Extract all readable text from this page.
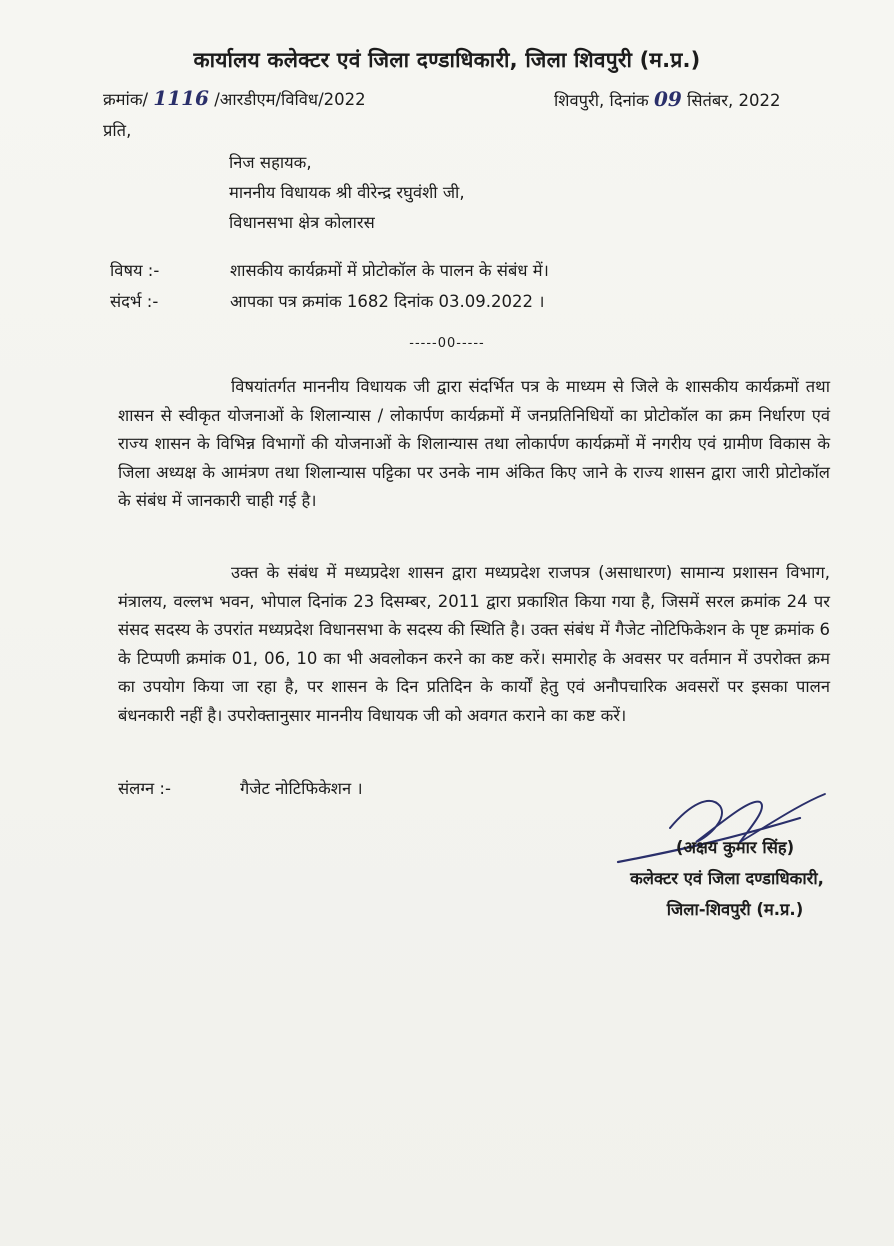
कार्यालय कलेक्टर एवं जिला दण्डाधिकारी, जिला शिवपुरी (म.प्र.)
क्रमांक/ 1116 /आरडीएम/विविध/2022	शिवपुरी, दिनांक 09 सितंबर, 2022
प्रति,
निज सहायक,
माननीय विधायक श्री वीरेन्द्र रघुवंशी जी,
विधानसभा क्षेत्र कोलारस
विषय :-	शासकीय कार्यक्रमों में प्रोटोकॉल के पालन के संबंध में।
संदर्भ :-	आपका पत्र क्रमांक 1682 दिनांक 03.09.2022 ।
-----00-----
विषयांतर्गत माननीय विधायक जी द्वारा संदर्भित पत्र के माध्यम से जिले के शासकीय कार्यक्रमों तथा शासन से स्वीकृत योजनाओं के शिलान्यास / लोकार्पण कार्यक्रमों में जनप्रतिनिधियों का प्रोटोकॉल का क्रम निर्धारण एवं राज्य शासन के विभिन्न विभागों की योजनाओं के शिलान्यास तथा लोकार्पण कार्यक्रमों में नगरीय एवं ग्रामीण विकास के जिला अध्यक्ष के आमंत्रण तथा शिलान्यास पट्टिका पर उनके नाम अंकित किए जाने के राज्य शासन द्वारा जारी प्रोटोकॉल के संबंध में जानकारी चाही गई है।
उक्त के संबंध में मध्यप्रदेश शासन द्वारा मध्यप्रदेश राजपत्र (असाधारण) सामान्य प्रशासन विभाग, मंत्रालय, वल्लभ भवन, भोपाल दिनांक 23 दिसम्बर, 2011 द्वारा प्रकाशित किया गया है, जिसमें सरल क्रमांक 24 पर संसद सदस्य के उपरांत मध्यप्रदेश विधानसभा के सदस्य की स्थिति है। उक्त संबंध में गैजेट नोटिफिकेशन के पृष्ट क्रमांक 6 के टिप्पणी क्रमांक 01, 06, 10 का भी अवलोकन करने का कष्ट करें। समारोह के अवसर पर वर्तमान में उपरोक्त क्रम का उपयोग किया जा रहा है, पर शासन के दिन प्रतिदिन के कार्यों हेतु एवं अनौपचारिक अवसरों पर इसका पालन बंधनकारी नहीं है। उपरोक्तानुसार माननीय विधायक जी को अवगत कराने का कष्ट करें।
संलग्न :-	गैजेट नोटिफिकेशन ।
(अक्षय कुमार सिंह)
कलेक्टर एवं जिला दण्डाधिकारी,
जिला-शिवपुरी (म.प्र.)
